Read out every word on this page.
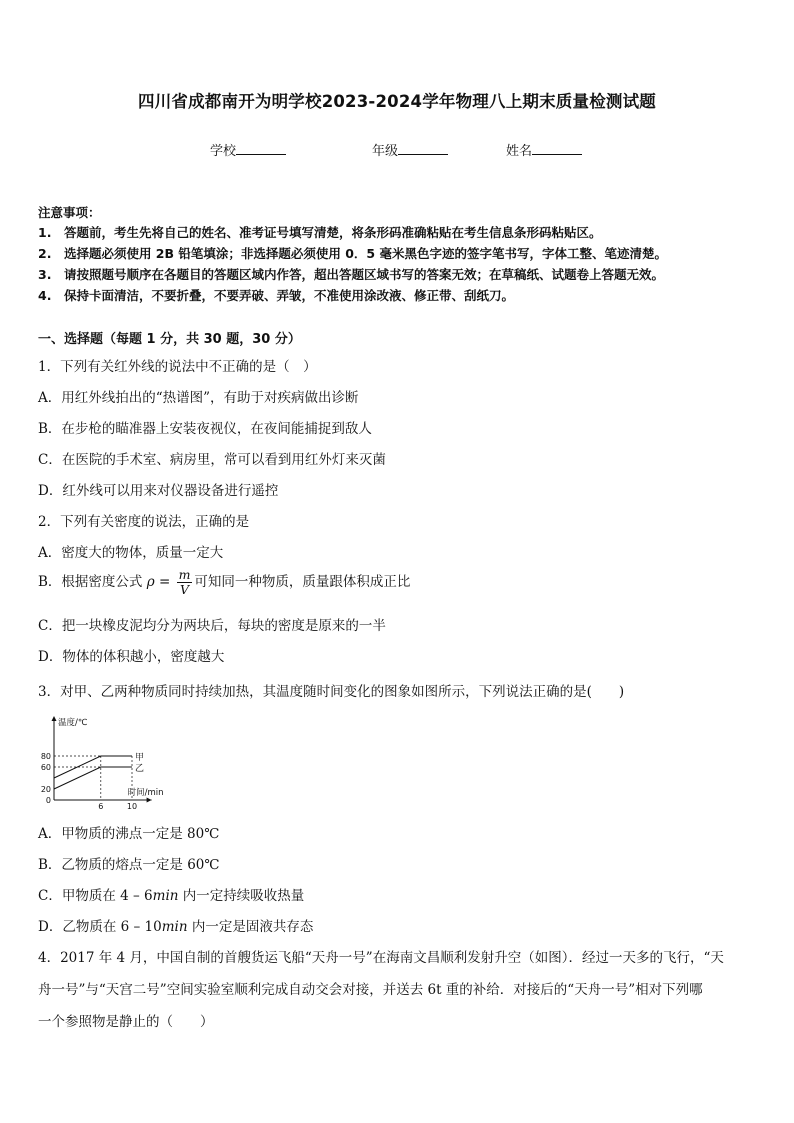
四川省成都南开为明学校2023-2024学年物理八上期末质量检测试题
学校	年级	姓名
注意事项：
1.　答题前，考生先将自己的姓名、准考证号填写清楚，将条形码准确粘贴在考生信息条形码粘贴区。
2.　选择题必须使用 2B 铅笔填涂；非选择题必须使用 0．5 毫米黑色字迹的签字笔书写，字体工整、笔迹清楚。
3.　请按照题号顺序在各题目的答题区域内作答，超出答题区域书写的答案无效；在草稿纸、试题卷上答题无效。
4.　保持卡面清洁，不要折叠，不要弄破、弄皱，不准使用涂改液、修正带、刮纸刀。
一、选择题（每题 1 分，共 30 题，30 分）
1．下列有关红外线的说法中不正确的是（　）
A．用红外线拍出的“热谱图”，有助于对疾病做出诊断
B．在步枪的瞄准器上安装夜视仪，在夜间能捕捉到敌人
C．在医院的手术室、病房里，常可以看到用红外灯来灭菌
D．红外线可以用来对仪器设备进行遥控
2．下列有关密度的说法，正确的是
A．密度大的物体，质量一定大
B．根据密度公式 $\rho = \frac{m}{V}$ 可知同一种物质，质量跟体积成正比
C．把一块橡皮泥均分为两块后，每块的密度是原来的一半
D．物体的体积越小，密度越大
3．对甲、乙两种物质同时持续加热，其温度随时间变化的图象如图所示，下列说法正确的是(　　)
温度/℃
时间/min
0
20
60
80
6	10
甲
乙
A．甲物质的沸点一定是 80℃
B．乙物质的熔点一定是 60℃
C．甲物质在 4 – 6min 内一定持续吸收热量
D．乙物质在 6 – 10min 内一定是固液共存态
4．2017 年 4 月，中国自制的首艘货运飞船“天舟一号”在海南文昌顺利发射升空（如图）．经过一天多的飞行，“天
舟一号”与“天宫二号”空间实验室顺利完成自动交会对接，并送去 6t 重的补给．对接后的“天舟一号”相对下列哪
一个参照物是静止的（　　）
